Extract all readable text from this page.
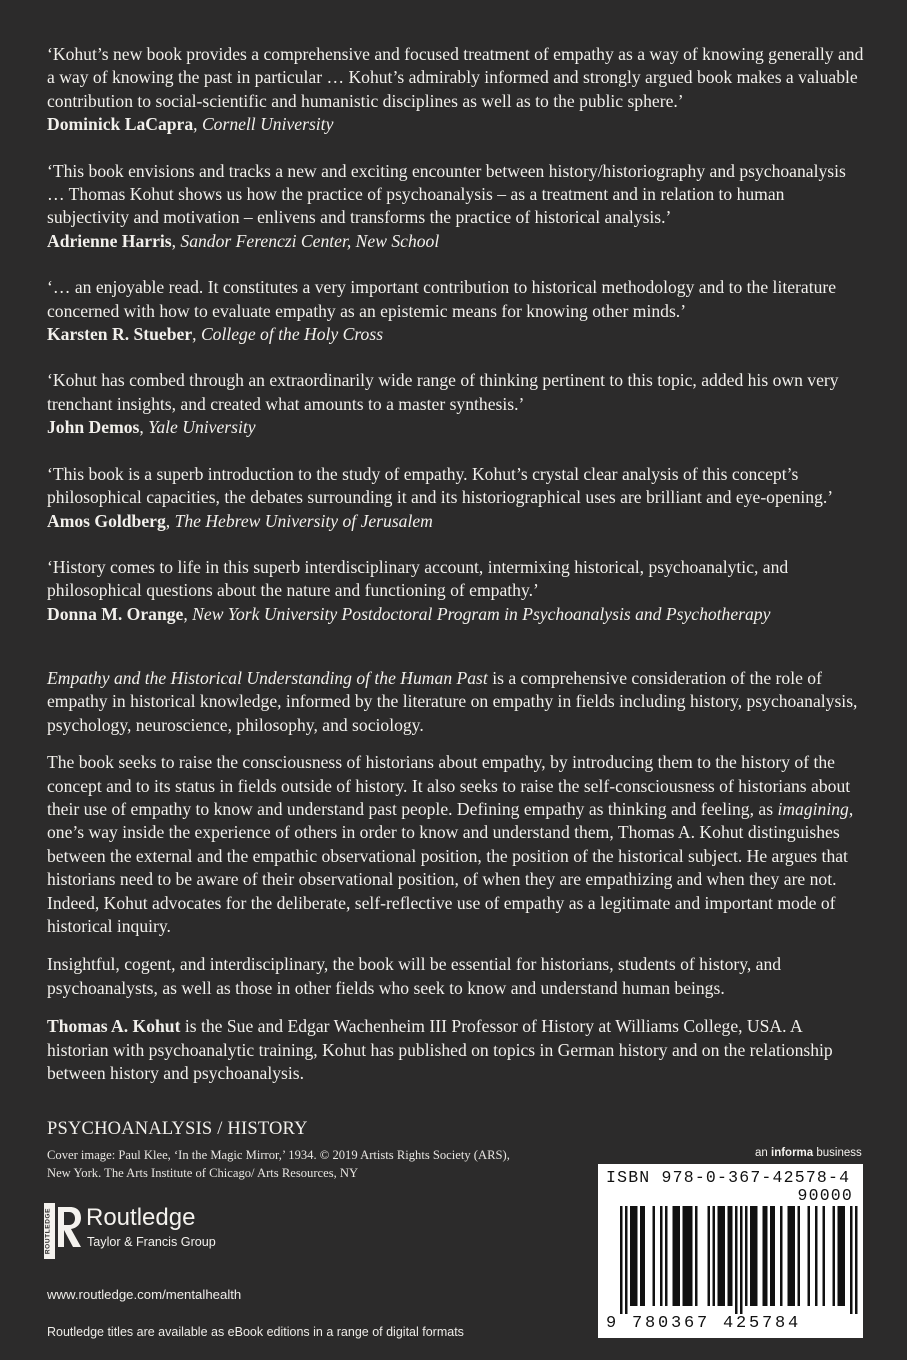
‘Kohut’s new book provides a comprehensive and focused treatment of empathy as a way of knowing generally and a way of knowing the past in particular … Kohut’s admirably informed and strongly argued book makes a valuable contribution to social-scientific and humanistic disciplines as well as to the public sphere.’

Dominick LaCapra, Cornell University

‘This book envisions and tracks a new and exciting encounter between history/historiography and psychoanalysis … Thomas Kohut shows us how the practice of psychoanalysis – as a treatment and in relation to human subjectivity and motivation – enlivens and transforms the practice of historical analysis.’

Adrienne Harris, Sandor Ferenczi Center, New School

‘… an enjoyable read. It constitutes a very important contribution to historical methodology and to the literature concerned with how to evaluate empathy as an epistemic means for knowing other minds.’

Karsten R. Stueber, College of the Holy Cross

‘Kohut has combed through an extraordinarily wide range of thinking pertinent to this topic, added his own very trenchant insights, and created what amounts to a master synthesis.’

John Demos, Yale University

‘This book is a superb introduction to the study of empathy. Kohut’s crystal clear analysis of this concept’s philosophical capacities, the debates surrounding it and its historiographical uses are brilliant and eye-opening.’

Amos Goldberg, The Hebrew University of Jerusalem

‘History comes to life in this superb interdisciplinary account, intermixing historical, psychoanalytic, and philosophical questions about the nature and functioning of empathy.’

Donna M. Orange, New York University Postdoctoral Program in Psychoanalysis and Psychotherapy

Empathy and the Historical Understanding of the Human Past is a comprehensive consideration of the role of empathy in historical knowledge, informed by the literature on empathy in fields including history, psychoanalysis, psychology, neuroscience, philosophy, and sociology.

The book seeks to raise the consciousness of historians about empathy, by introducing them to the history of the concept and to its status in fields outside of history. It also seeks to raise the self-consciousness of historians about their use of empathy to know and understand past people. Defining empathy as thinking and feeling, as imagining, one’s way inside the experience of others in order to know and understand them, Thomas A. Kohut distinguishes between the external and the empathic observational position, the position of the historical subject. He argues that historians need to be aware of their observational position, of when they are empathizing and when they are not. Indeed, Kohut advocates for the deliberate, self-reflective use of empathy as a legitimate and important mode of historical inquiry.

Insightful, cogent, and interdisciplinary, the book will be essential for historians, students of history, and psychoanalysts, as well as those in other fields who seek to know and understand human beings.

Thomas A. Kohut is the Sue and Edgar Wachenheim III Professor of History at Williams College, USA. A historian with psychoanalytic training, Kohut has published on topics in German history and on the relationship between history and psychoanalysis.

PSYCHOANALYSIS / HISTORY
Cover image: Paul Klee, ‘In the Magic Mirror,’ 1934. © 2019 Artists Rights Society (ARS), New York. The Arts Institute of Chicago/ Arts Resources, NY
ROUTLEDGE Routledge
Taylor & Francis Group
www.routledge.com/mentalhealth
Routledge titles are available as eBook editions in a range of digital formats
an informa business
ISBN 978-0-367-42578-4
90000
9 780367 425784
